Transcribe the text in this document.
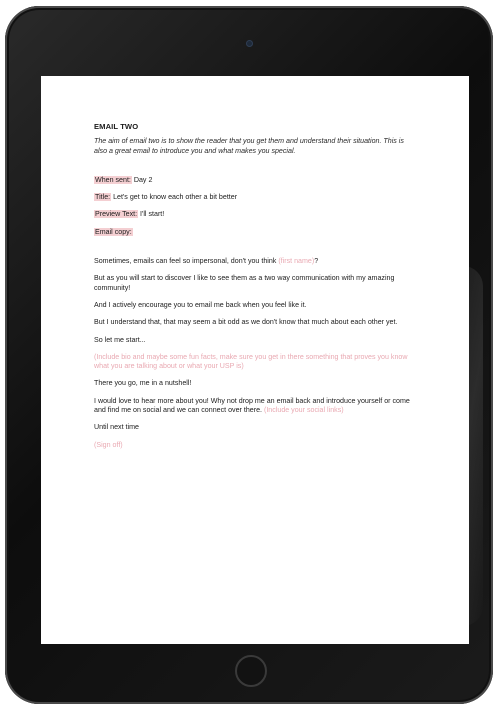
EMAIL TWO

The aim of email two is to show the reader that you get them and understand their situation. This is also a great email to introduce you and what makes you special.

When sent: Day 2

Title: Let's get to know each other a bit better

Preview Text: I'll start!

Email copy:

Sometimes, emails can feel so impersonal, don't you think (first name)?

But as you will start to discover I like to see them as a two way communication with my amazing community!

And I actively encourage you to email me back when you feel like it.

But I understand that, that may seem a bit odd as we don't know that much about each other yet.

So let me start...

(Include bio and maybe some fun facts, make sure you get in there something that proves you know what you are talking about or what your USP is)

There you go, me in a nutshell!

I would love to hear more about you! Why not drop me an email back and introduce yourself or come and find me on social and we can connect over there. (Include your social links)

Until next time

(Sign off)
